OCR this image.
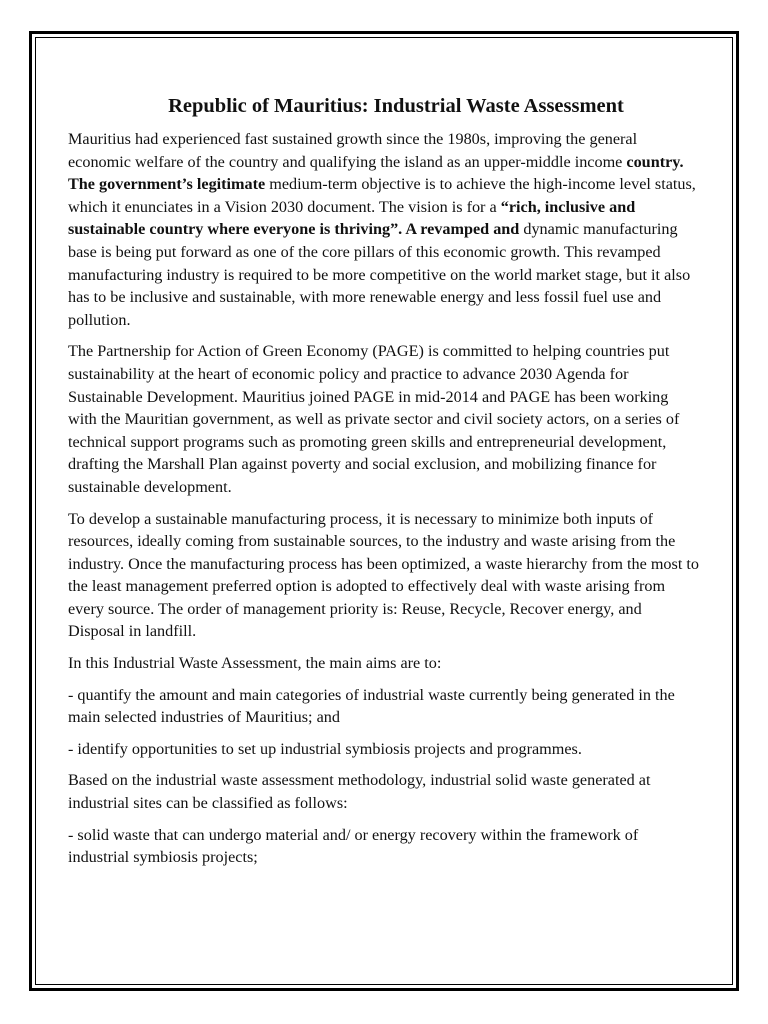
Republic of Mauritius: Industrial Waste Assessment

Mauritius had experienced fast sustained growth since the 1980s, improving the general economic welfare of the country and qualifying the island as an upper-middle income country. The government’s legitimate medium-term objective is to achieve the high-income level status, which it enunciates in a Vision 2030 document. The vision is for a “rich, inclusive and sustainable country where everyone is thriving”. A revamped and dynamic manufacturing base is being put forward as one of the core pillars of this economic growth. This revamped manufacturing industry is required to be more competitive on the world market stage, but it also has to be inclusive and sustainable, with more renewable energy and less fossil fuel use and pollution.

The Partnership for Action of Green Economy (PAGE) is committed to helping countries put sustainability at the heart of economic policy and practice to advance 2030 Agenda for Sustainable Development. Mauritius joined PAGE in mid-2014 and PAGE has been working with the Mauritian government, as well as private sector and civil society actors, on a series of technical support programs such as promoting green skills and entrepreneurial development, drafting the Marshall Plan against poverty and social exclusion, and mobilizing finance for sustainable development.

To develop a sustainable manufacturing process, it is necessary to minimize both inputs of resources, ideally coming from sustainable sources, to the industry and waste arising from the industry. Once the manufacturing process has been optimized, a waste hierarchy from the most to the least management preferred option is adopted to effectively deal with waste arising from every source. The order of management priority is: Reuse, Recycle, Recover energy, and Disposal in landfill.

In this Industrial Waste Assessment, the main aims are to:

- quantify the amount and main categories of industrial waste currently being generated in the main selected industries of Mauritius; and

- identify opportunities to set up industrial symbiosis projects and programmes.

Based on the industrial waste assessment methodology, industrial solid waste generated at industrial sites can be classified as follows:

- solid waste that can undergo material and/ or energy recovery within the framework of industrial symbiosis projects;
